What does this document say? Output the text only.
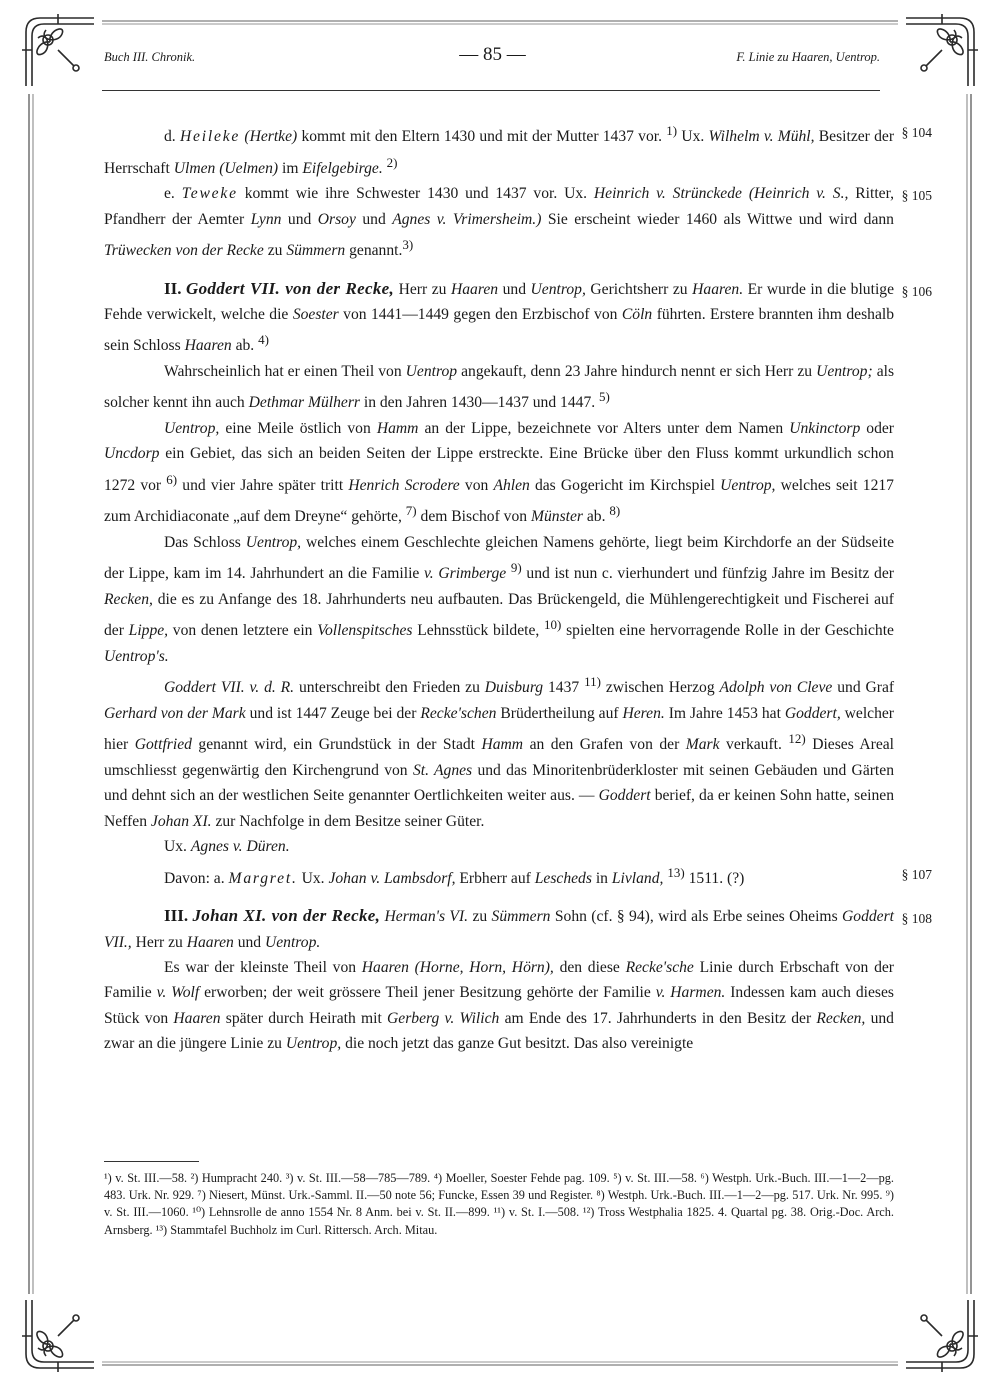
Buch III. Chronik.	— 85 —	F. Linie zu Haaren, Uentrop.

d. Heileke (Hertke) kommt mit den Eltern 1430 und mit der Mutter 1437 vor. $^{1)}$ Ux.	§ 104
Wilhelm v. Mühl, Besitzer der Herrschaft Ulmen (Uelmen) im Eifelgebirge. $^{2)}$

e. Teweke kommt wie ihre Schwester 1430 und 1437 vor. Ux. Heinrich v. Strünckede	§ 105
(Heinrich v. S., Ritter, Pfandherr der Aemter Lynn und Orsoy und Agnes v. Vrimersheim.) Sie erscheint wieder 1460 als Wittwe und wird dann Trüwecken von der Recke zu Sümmern genannt.$^{3)}$

II. Goddert VII. von der Recke, Herr zu Haaren und Uentrop, Gerichtsherr zu	§ 106
Haaren. Er wurde in die blutige Fehde verwickelt, welche die Soester von 1441—1449 gegen den Erzbischof von Cöln führten. Erstere brannten ihm deshalb sein Schloss Haaren ab. $^{4)}$

Wahrscheinlich hat er einen Theil von Uentrop angekauft, denn 23 Jahre hindurch nennt er sich Herr zu Uentrop; als solcher kennt ihn auch Dethmar Mülherr in den Jahren 1430—1437 und 1447. $^{5)}$

Uentrop, eine Meile östlich von Hamm an der Lippe, bezeichnete vor Alters unter dem Namen Unkinctorp oder Uncdorp ein Gebiet, das sich an beiden Seiten der Lippe erstreckte. Eine Brücke über den Fluss kommt urkundlich schon 1272 vor $^{6)}$ und vier Jahre später tritt Henrich Scrodere von Ahlen das Gogericht im Kirchspiel Uentrop, welches seit 1217 zum Archidiaconate „auf dem Dreyne“ gehörte, $^{7)}$ dem Bischof von Münster ab. $^{8)}$

Das Schloss Uentrop, welches einem Geschlechte gleichen Namens gehörte, liegt beim Kirchdorfe an der Südseite der Lippe, kam im 14. Jahrhundert an die Familie v. Grimberge $^{9)}$ und ist nun c. vierhundert und fünfzig Jahre im Besitz der Recken, die es zu Anfange des 18. Jahrhunderts neu aufbauten. Das Brückengeld, die Mühlengerechtigkeit und Fischerei auf der Lippe, von denen letztere ein Vollenspitsches Lehnsstück bildete, $^{10)}$ spielten eine hervorragende Rolle in der Geschichte Uentrop's.

Goddert VII. v. d. R. unterschreibt den Frieden zu Duisburg 1437 $^{11)}$ zwischen Herzog Adolph von Cleve und Graf Gerhard von der Mark und ist 1447 Zeuge bei der Recke'schen Brüdertheilung auf Heren. Im Jahre 1453 hat Goddert, welcher hier Gottfried genannt wird, ein Grundstück in der Stadt Hamm an den Grafen von der Mark verkauft. $^{12)}$ Dieses Areal umschliesst gegenwärtig den Kirchengrund von St. Agnes und das Minoritenbrüderkloster mit seinen Gebäuden und Gärten und dehnt sich an der westlichen Seite genannter Oertlichkeiten weiter aus. — Goddert berief, da er keinen Sohn hatte, seinen Neffen Johan XI. zur Nachfolge in dem Besitze seiner Güter.

Ux. Agnes v. Düren.

Davon: a. Margret. Ux. Johan v. Lambsdorf, Erbherr auf Lescheds in Livland, $^{13)}$ 1511. (?)	§ 107

III. Johan XI. von der Recke, Herman's VI. zu Sümmern Sohn (cf. § 94), wird	§ 108
als Erbe seines Oheims Goddert VII., Herr zu Haaren und Uentrop.

Es war der kleinste Theil von Haaren (Horne, Horn, Hörn), den diese Recke'sche Linie durch Erbschaft von der Familie v. Wolf erworben; der weit grössere Theil jener Besitzung gehörte der Familie v. Harmen. Indessen kam auch dieses Stück von Haaren später durch Heirath mit Gerberg v. Wilich am Ende des 17. Jahrhunderts in den Besitz der Recken, und zwar an die jüngere Linie zu Uentrop, die noch jetzt das ganze Gut besitzt. Das also vereinigte

¹) v. St. III.—58. ²) Humpracht 240. ³) v. St. III.—58—785—789. ⁴) Moeller, Soester Fehde pag. 109. ⁵) v. St. III.—58. ⁶) Westph. Urk.-Buch. III.—1—2—pg. 483. Urk. Nr. 929. ⁷) Niesert, Münst. Urk.-Samml. II.—50 note 56; Funcke, Essen 39 und Register. ⁸) Westph. Urk.-Buch. III.—1—2—pg. 517. Urk. Nr. 995. ⁹) v. St. III.—1060. ¹⁰) Lehnsrolle de anno 1554 Nr. 8 Anm. bei v. St. II.—899. ¹¹) v. St. I.—508. ¹²) Tross Westphalia 1825. 4. Quartal pg. 38. Orig.-Doc. Arch. Arnsberg. ¹³) Stammtafel Buchholz im Curl. Rittersch. Arch. Mitau.
